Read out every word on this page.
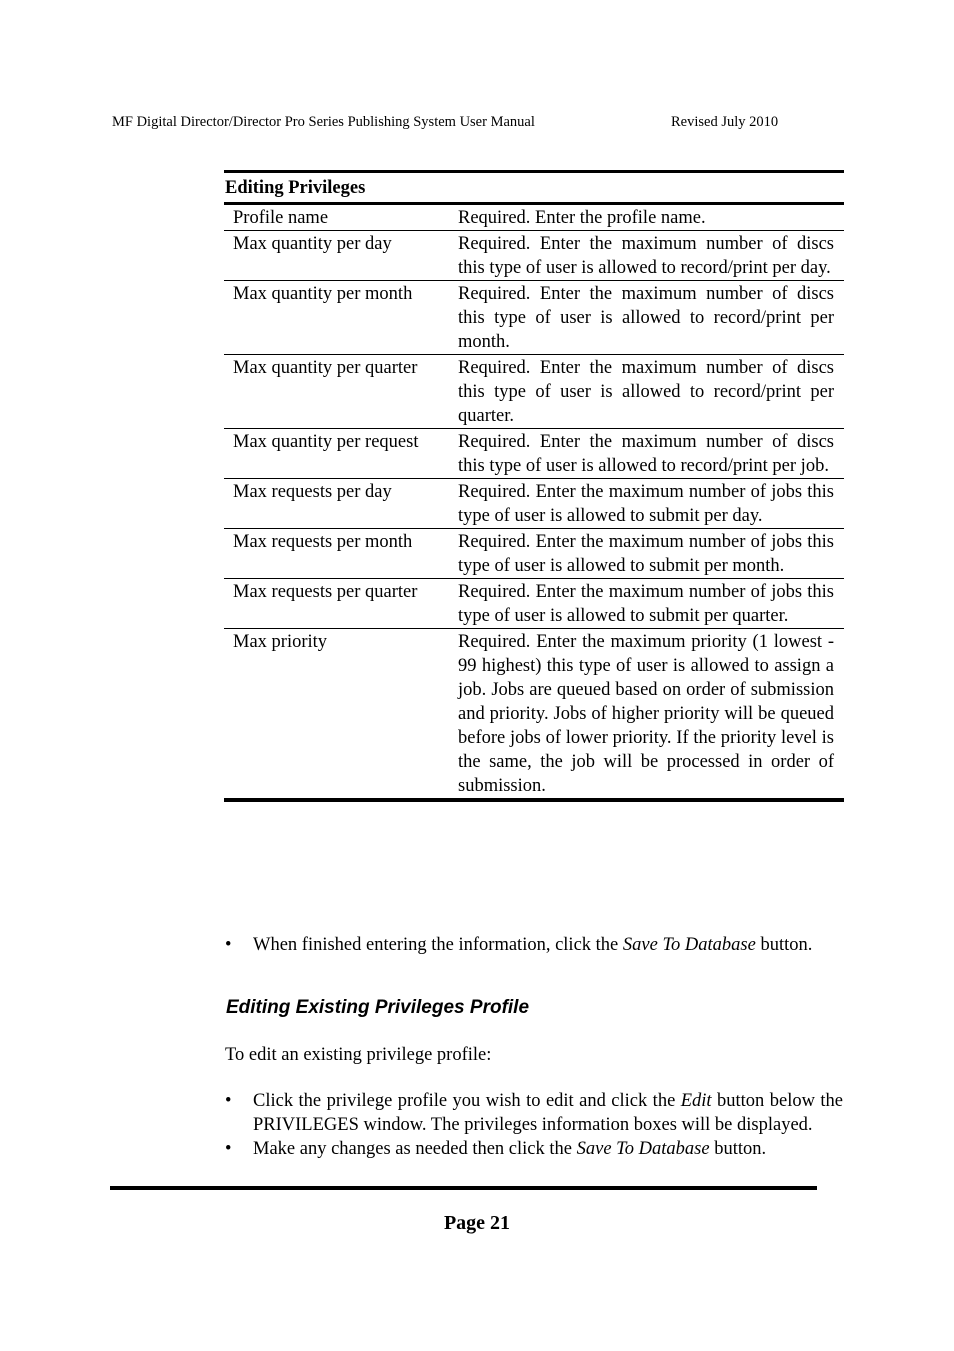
MF Digital Director/Director Pro Series Publishing System User Manual	Revised July 2010
Editing Privileges	
Profile name	Required. Enter the profile name.
Max quantity per day	Required. Enter the maximum number of discs this type of user is allowed to record/print per day.
Max quantity per month	Required. Enter the maximum number of discs this type of user is allowed to record/print per month.
Max quantity per quarter	Required. Enter the maximum number of discs this type of user is allowed to record/print per quarter.
Max quantity per request	Required. Enter the maximum number of discs this type of user is allowed to record/print per job.
Max requests per day	Required. Enter the maximum number of jobs this type of user is allowed to submit per day.
Max requests per month	Required. Enter the maximum number of jobs this type of user is allowed to submit per month.
Max requests per quarter	Required. Enter the maximum number of jobs this type of user is allowed to submit per quarter.
Max priority	Required. Enter the maximum priority (1 lowest - 99 highest) this type of user is allowed to assign a job. Jobs are queued based on order of submission and priority. Jobs of higher priority will be queued before jobs of lower priority. If the priority level is the same, the job will be processed in order of submission.
• When finished entering the information, click the Save To Database button.
Editing Existing Privileges Profile
To edit an existing privilege profile:
• Click the privilege profile you wish to edit and click the Edit button below the PRIVILEGES window. The privileges information boxes will be displayed.
• Make any changes as needed then click the Save To Database button.
Page 21
